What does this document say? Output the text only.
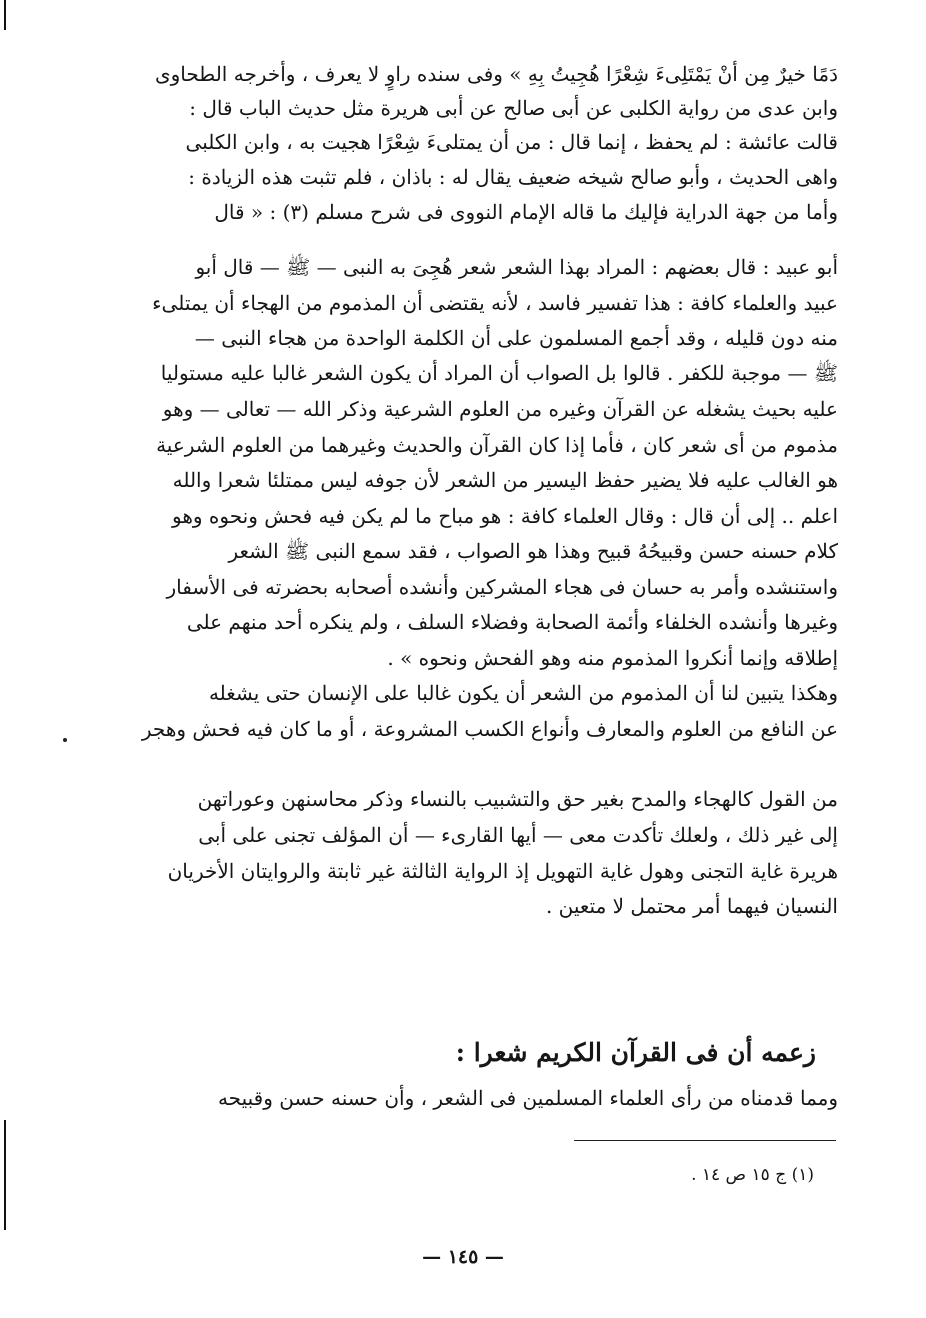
دَمًا خيرٌ مِن أنْ يَمْتَلِىءَ شِعْرًا هُجِيتُ بِهِ » وفى سنده راوٍ لا يعرف ، وأخرجه الطحاوى
وابن عدى من رواية الكلبى عن أبى صالح عن أبى هريرة مثل حديث الباب قال :
قالت عائشة : لم يحفظ ، إنما قال : من أن يمتلىءَ شِعْرًا هجيت به ، وابن الكلبى
واهى الحديث ، وأبو صالح شيخه ضعيف يقال له : باذان ، فلم تثبت هذه الزيادة :
وأما من جهة الدراية فإليك ما قاله الإمام النووى فى شرح مسلم (٣) : « قال
أبو عبيد : قال بعضهم : المراد بهذا الشعر شعر هُجِىَ به النبى — ﷺ — قال أبو
عبيد والعلماء كافة : هذا تفسير فاسد ، لأنه يقتضى أن المذموم من الهجاء أن يمتلىء
منه دون قليله ، وقد أجمع المسلمون على أن الكلمة الواحدة من هجاء النبى —
ﷺ — موجبة للكفر . قالوا بل الصواب أن المراد أن يكون الشعر غالبا عليه مستوليا
عليه بحيث يشغله عن القرآن وغيره من العلوم الشرعية وذكر الله — تعالى — وهو
مذموم من أى شعر كان ، فأما إذا كان القرآن والحديث وغيرهما من العلوم الشرعية
هو الغالب عليه فلا يضير حفظ اليسير من الشعر لأن جوفه ليس ممتلئا شعرا والله
اعلم .. إلى أن قال : وقال العلماء كافة : هو مباح ما لم يكن فيه فحش ونحوه وهو
كلام حسنه حسن وقبيحُهُ قبيح وهذا هو الصواب ، فقد سمع النبى ﷺ الشعر
واستنشده وأمر به حسان فى هجاء المشركين وأنشده أصحابه بحضرته فى الأسفار
وغيرها وأنشده الخلفاء وأئمة الصحابة وفضلاء السلف ، ولم ينكره أحد منهم على
إطلاقه وإنما أنكروا المذموم منه وهو الفحش ونحوه » .
وهكذا يتبين لنا أن المذموم من الشعر أن يكون غالبا على الإنسان حتى يشغله
عن النافع من العلوم والمعارف وأنواع الكسب المشروعة ، أو ما كان فيه فحش وهجر
من القول كالهجاء والمدح بغير حق والتشبيب بالنساء وذكر محاسنهن وعوراتهن
إلى غير ذلك ، ولعلك تأكدت معى — أيها القارىء — أن المؤلف تجنى على أبى
هريرة غاية التجنى وهول غاية التهويل إذ الرواية الثالثة غير ثابتة والروايتان الأخريان
النسيان فيهما أمر محتمل لا متعين .
زعمه أن فى القرآن الكريم شعرا :
ومما قدمناه من رأى العلماء المسلمين فى الشعر ، وأن حسنه حسن وقبيحه
(١) ج ١٥ ص ١٤ .
— ١٤٥ —
